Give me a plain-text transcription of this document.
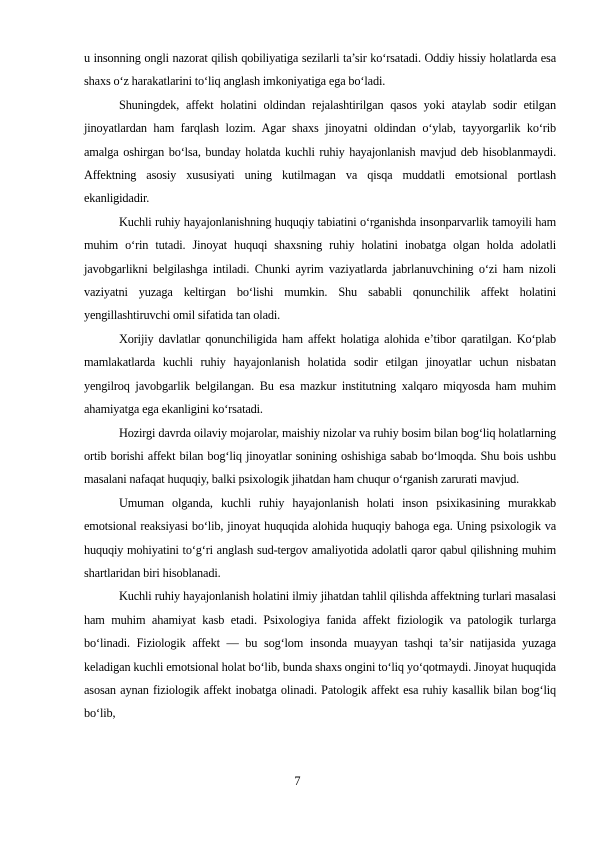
u insonning ongli nazorat qilish qobiliyatiga sezilarli ta’sir ko‘rsatadi. Oddiy hissiy holatlarda esa shaxs o‘z harakatlarini to‘liq anglash imkoniyatiga ega bo‘ladi.

Shuningdek, affekt holatini oldindan rejalashtirilgan qasos yoki ataylab sodir etilgan jinoyatlardan ham farqlash lozim. Agar shaxs jinoyatni oldindan o‘ylab, tayyorgarlik ko‘rib amalga oshirgan bo‘lsa, bunday holatda kuchli ruhiy hayajonlanish mavjud deb hisoblanmaydi. Affektning asosiy xususiyati uning kutilmagan va qisqa muddatli emotsional portlash ekanligidadir.

Kuchli ruhiy hayajonlanishning huquqiy tabiatini o‘rganishda insonparvarlik tamoyili ham muhim o‘rin tutadi. Jinoyat huquqi shaxsning ruhiy holatini inobatga olgan holda adolatli javobgarlikni belgilashga intiladi. Chunki ayrim vaziyatlarda jabrlanuvchining o‘zi ham nizoli vaziyatni yuzaga keltirgan bo‘lishi mumkin. Shu sababli qonunchilik affekt holatini yengillashtiruvchi omil sifatida tan oladi.

Xorijiy davlatlar qonunchiligida ham affekt holatiga alohida e’tibor qaratilgan. Ko‘plab mamlakatlarda kuchli ruhiy hayajonlanish holatida sodir etilgan jinoyatlar uchun nisbatan yengilroq javobgarlik belgilangan. Bu esa mazkur institutning xalqaro miqyosda ham muhim ahamiyatga ega ekanligini ko‘rsatadi.

Hozirgi davrda oilaviy mojarolar, maishiy nizolar va ruhiy bosim bilan bog‘liq holatlarning ortib borishi affekt bilan bog‘liq jinoyatlar sonining oshishiga sabab bo‘lmoqda. Shu bois ushbu masalani nafaqat huquqiy, balki psixologik jihatdan ham chuqur o‘rganish zarurati mavjud.

Umuman olganda, kuchli ruhiy hayajonlanish holati inson psixikasining murakkab emotsional reaksiyasi bo‘lib, jinoyat huquqida alohida huquqiy bahoga ega. Uning psixologik va huquqiy mohiyatini to‘g‘ri anglash sud-tergov amaliyotida adolatli qaror qabul qilishning muhim shartlaridan biri hisoblanadi.

Kuchli ruhiy hayajonlanish holatini ilmiy jihatdan tahlil qilishda affektning turlari masalasi ham muhim ahamiyat kasb etadi. Psixologiya fanida affekt fiziologik va patologik turlarga bo‘linadi. Fiziologik affekt — bu sog‘lom insonda muayyan tashqi ta’sir natijasida yuzaga keladigan kuchli emotsional holat bo‘lib, bunda shaxs ongini to‘liq yo‘qotmaydi. Jinoyat huquqida asosan aynan fiziologik affekt inobatga olinadi. Patologik affekt esa ruhiy kasallik bilan bog‘liq bo‘lib,

7
